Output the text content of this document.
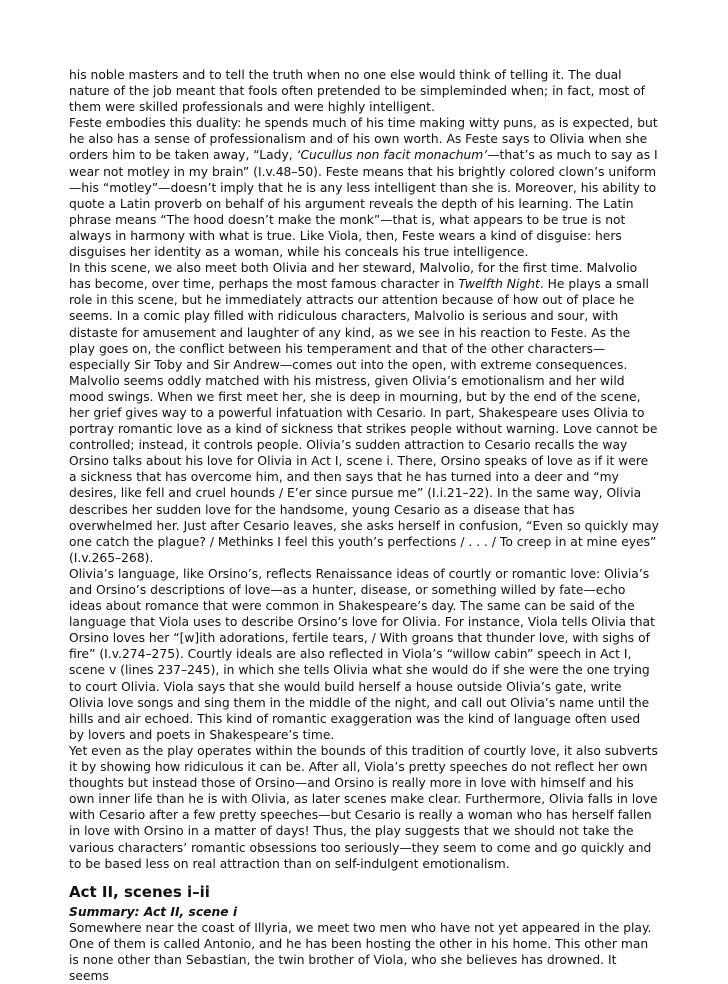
his noble masters and to tell the truth when no one else would think of telling it. The dual nature of the job meant that fools often pretended to be simpleminded when; in fact, most of them were skilled professionals and were highly intelligent.

Feste embodies this duality: he spends much of his time making witty puns, as is expected, but he also has a sense of professionalism and of his own worth. As Feste says to Olivia when she orders him to be taken away, “Lady, ‘Cucullus non facit monachum’—that’s as much to say as I wear not motley in my brain” (I.v.48–50). Feste means that his brightly colored clown’s uniform—his “motley”—doesn’t imply that he is any less intelligent than she is. Moreover, his ability to quote a Latin proverb on behalf of his argument reveals the depth of his learning. The Latin phrase means “The hood doesn’t make the monk”—that is, what appears to be true is not always in harmony with what is true. Like Viola, then, Feste wears a kind of disguise: hers disguises her identity as a woman, while his conceals his true intelligence.

In this scene, we also meet both Olivia and her steward, Malvolio, for the first time. Malvolio has become, over time, perhaps the most famous character in Twelfth Night. He plays a small role in this scene, but he immediately attracts our attention because of how out of place he seems. In a comic play filled with ridiculous characters, Malvolio is serious and sour, with distaste for amusement and laughter of any kind, as we see in his reaction to Feste. As the play goes on, the conflict between his temperament and that of the other characters—especially Sir Toby and Sir Andrew—comes out into the open, with extreme consequences.

Malvolio seems oddly matched with his mistress, given Olivia’s emotionalism and her wild mood swings. When we first meet her, she is deep in mourning, but by the end of the scene, her grief gives way to a powerful infatuation with Cesario. In part, Shakespeare uses Olivia to portray romantic love as a kind of sickness that strikes people without warning. Love cannot be controlled; instead, it controls people. Olivia’s sudden attraction to Cesario recalls the way Orsino talks about his love for Olivia in Act I, scene i. There, Orsino speaks of love as if it were a sickness that has overcome him, and then says that he has turned into a deer and “my desires, like fell and cruel hounds / E’er since pursue me” (I.i.21–22). In the same way, Olivia describes her sudden love for the handsome, young Cesario as a disease that has overwhelmed her. Just after Cesario leaves, she asks herself in confusion, “Even so quickly may one catch the plague? / Methinks I feel this youth’s perfections / . . . / To creep in at mine eyes” (I.v.265–268).

Olivia’s language, like Orsino’s, reflects Renaissance ideas of courtly or romantic love: Olivia’s and Orsino’s descriptions of love—as a hunter, disease, or something willed by fate—echo ideas about romance that were common in Shakespeare’s day. The same can be said of the language that Viola uses to describe Orsino’s love for Olivia. For instance, Viola tells Olivia that Orsino loves her “[w]ith adorations, fertile tears, / With groans that thunder love, with sighs of fire” (I.v.274–275). Courtly ideals are also reflected in Viola’s “willow cabin” speech in Act I, scene v (lines 237–245), in which she tells Olivia what she would do if she were the one trying to court Olivia. Viola says that she would build herself a house outside Olivia’s gate, write Olivia love songs and sing them in the middle of the night, and call out Olivia’s name until the hills and air echoed. This kind of romantic exaggeration was the kind of language often used by lovers and poets in Shakespeare’s time.

Yet even as the play operates within the bounds of this tradition of courtly love, it also subverts it by showing how ridiculous it can be. After all, Viola’s pretty speeches do not reflect her own thoughts but instead those of Orsino—and Orsino is really more in love with himself and his own inner life than he is with Olivia, as later scenes make clear. Furthermore, Olivia falls in love with Cesario after a few pretty speeches—but Cesario is really a woman who has herself fallen in love with Orsino in a matter of days! Thus, the play suggests that we should not take the various characters’ romantic obsessions too seriously—they seem to come and go quickly and to be based less on real attraction than on self-indulgent emotionalism.

Act II, scenes i–ii
Summary: Act II, scene i

Somewhere near the coast of Illyria, we meet two men who have not yet appeared in the play. One of them is called Antonio, and he has been hosting the other in his home. This other man is none other than Sebastian, the twin brother of Viola, who she believes has drowned. It seems
